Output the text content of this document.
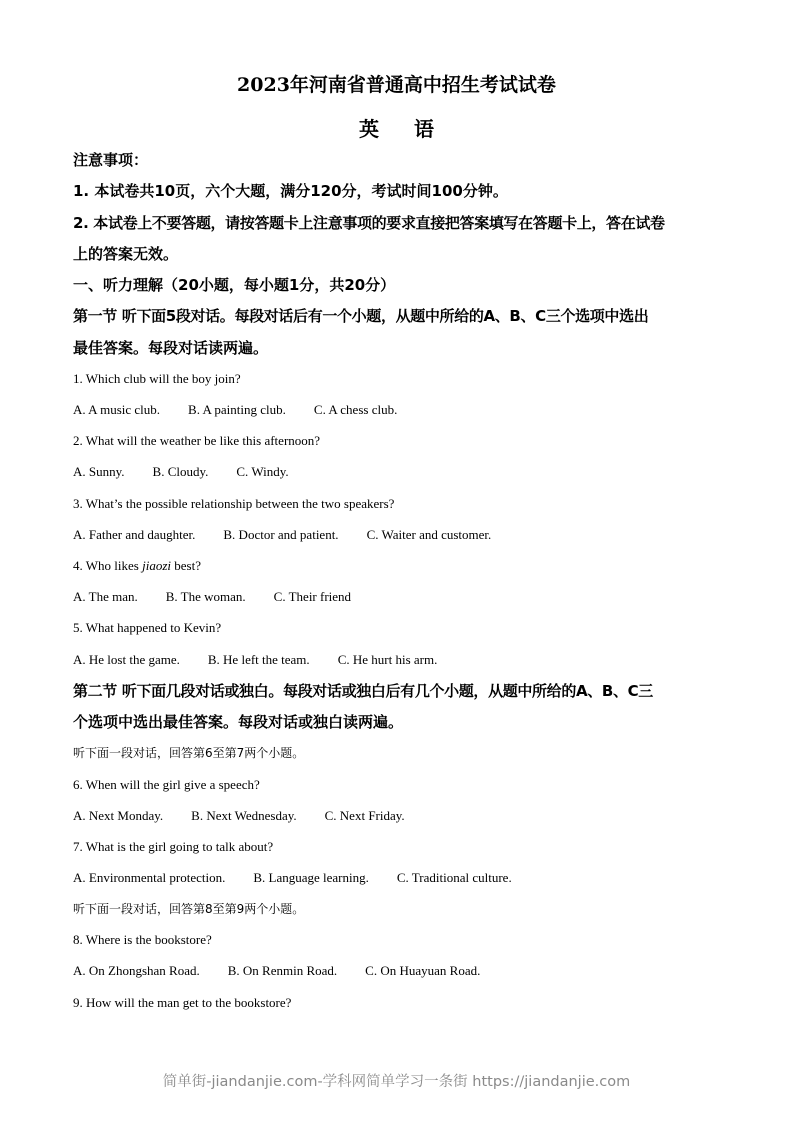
2023年河南省普通高中招生考试试卷
英 语
注意事项：
1. 本试卷共10页，六个大题，满分120分，考试时间100分钟。
2. 本试卷上不要答题，请按答题卡上注意事项的要求直接把答案填写在答题卡上，答在试卷
上的答案无效。
一、听力理解（20小题，每小题1分，共20分）
第一节 听下面5段对话。每段对话后有一个小题，从题中所给的A、B、C三个选项中选出
最佳答案。每段对话读两遍。
1. Which club will the boy join?
A. A music club. B. A painting club. C. A chess club.
2. What will the weather be like this afternoon?
A. Sunny. B. Cloudy. C. Windy.
3. What’s the possible relationship between the two speakers?
A. Father and daughter. B. Doctor and patient. C. Waiter and customer.
4. Who likes jiaozi best?
A. The man. B. The woman. C. Their friend
5. What happened to Kevin?
A. He lost the game. B. He left the team. C. He hurt his arm.
第二节 听下面几段对话或独白。每段对话或独白后有几个小题，从题中所给的A、B、C三
个选项中选出最佳答案。每段对话或独白读两遍。
听下面一段对话，回答第6至第7两个小题。
6. When will the girl give a speech?
A. Next Monday. B. Next Wednesday. C. Next Friday.
7. What is the girl going to talk about?
A. Environmental protection. B. Language learning. C. Traditional culture.
听下面一段对话，回答第8至第9两个小题。
8. Where is the bookstore?
A. On Zhongshan Road. B. On Renmin Road. C. On Huayuan Road.
9. How will the man get to the bookstore?
简单街-jiandanjie.com-学科网简单学习一条街 https://jiandanjie.com
